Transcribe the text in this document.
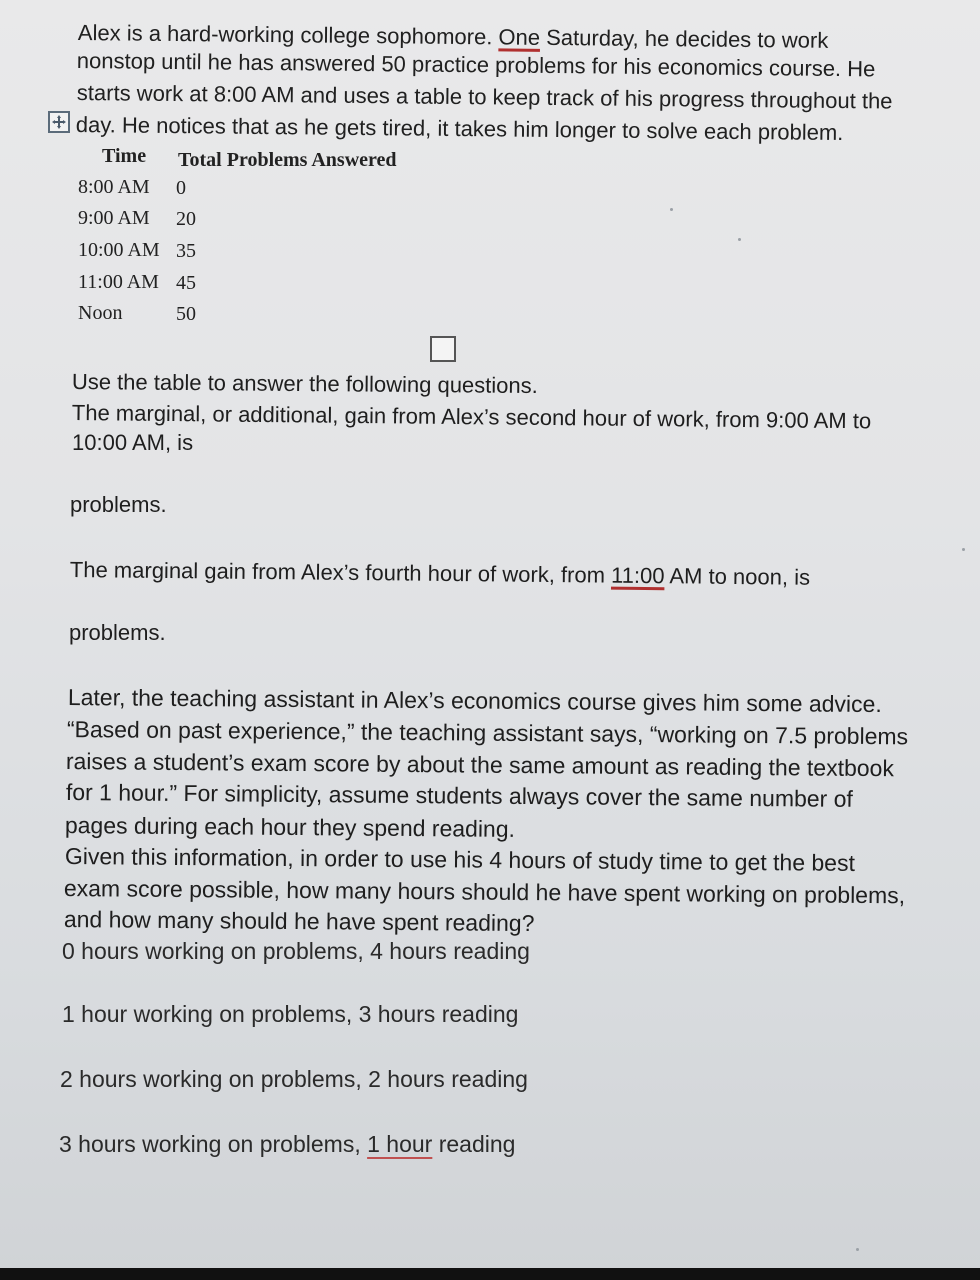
Alex is a hard-working college sophomore. One Saturday, he decides to work
nonstop until he has answered 50 practice problems for his economics course. He
starts work at 8:00 AM and uses a table to keep track of his progress throughout the
day. He notices that as he gets tired, it takes him longer to solve each problem.
Time Total Problems Answered
8:00 AM 0
9:00 AM 20
10:00 AM 35
11:00 AM 45
Noon	50
Use the table to answer the following questions.
The marginal, or additional, gain from Alex’s second hour of work, from 9:00 AM to
10:00 AM, is
problems.
The marginal gain from Alex’s fourth hour of work, from 11:00 AM to noon, is
problems.
Later, the teaching assistant in Alex’s economics course gives him some advice.
“Based on past experience,” the teaching assistant says, “working on 7.5 problems
raises a student’s exam score by about the same amount as reading the textbook
for 1 hour.” For simplicity, assume students always cover the same number of
pages during each hour they spend reading.
Given this information, in order to use his 4 hours of study time to get the best
exam score possible, how many hours should he have spent working on problems,
and how many should he have spent reading?
0 hours working on problems, 4 hours reading
1 hour working on problems, 3 hours reading
2 hours working on problems, 2 hours reading
3 hours working on problems, 1 hour reading
